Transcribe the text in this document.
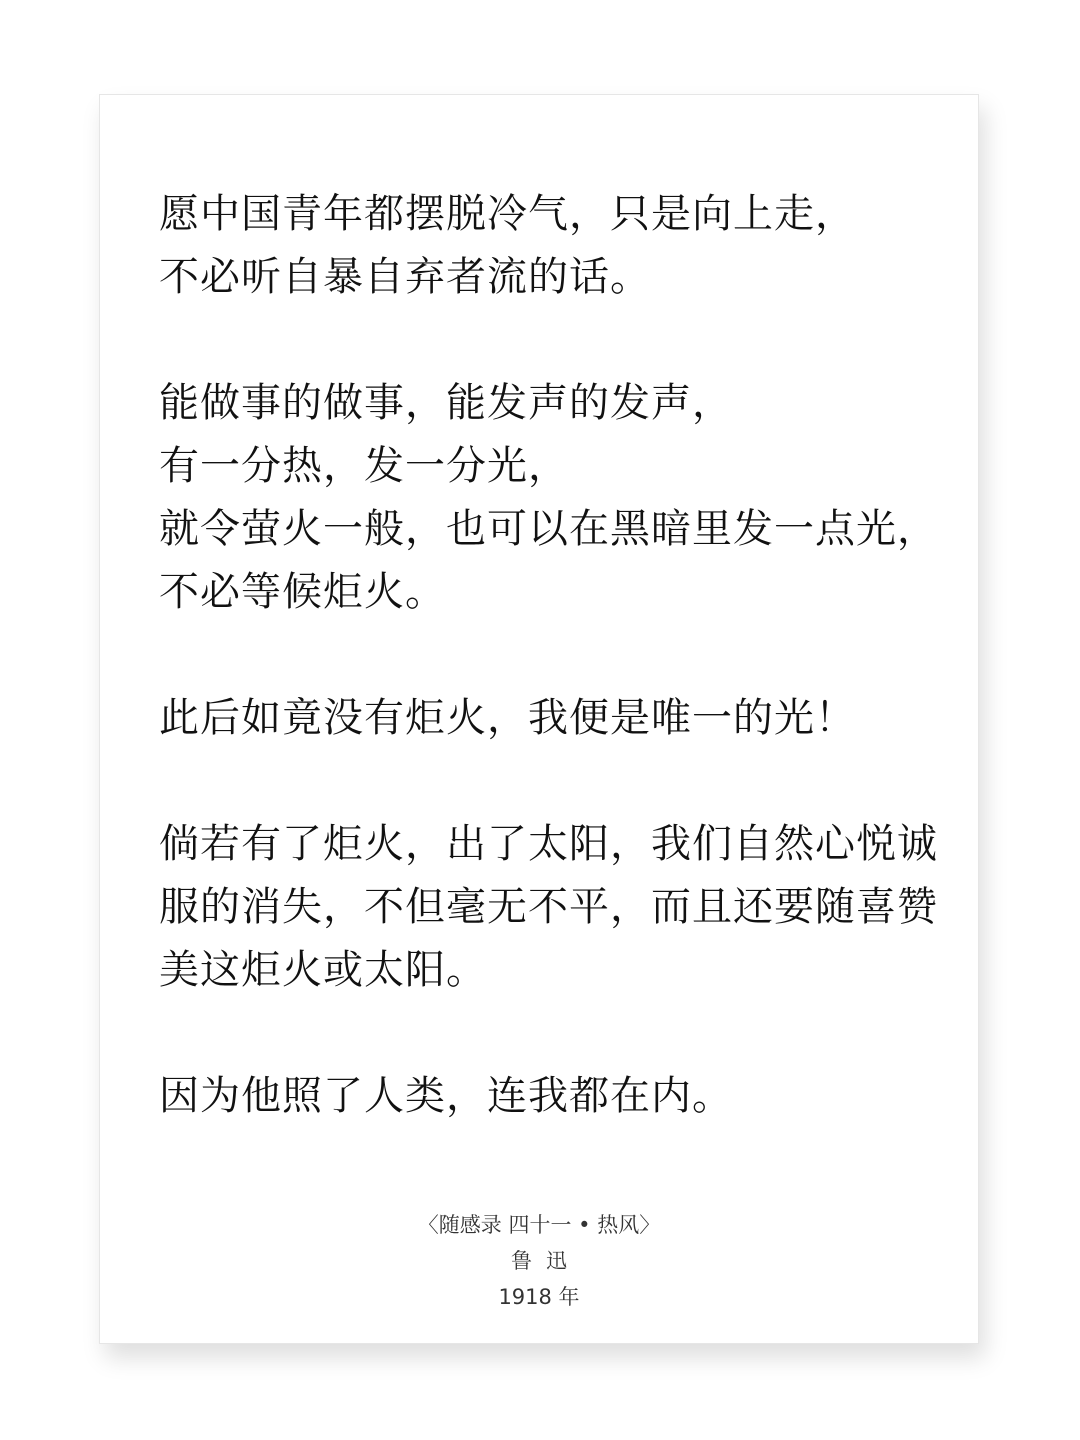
愿中国青年都摆脱冷气，只是向上走，
不必听自暴自弃者流的话。
能做事的做事，能发声的发声，
有一分热，发一分光，
就令萤火一般，也可以在黑暗里发一点光，
不必等候炬火。
此后如竟没有炬火，我便是唯一的光！
倘若有了炬火，出了太阳，我们自然心悦诚
服的消失，不但毫无不平，而且还要随喜赞
美这炬火或太阳。
因为他照了人类，连我都在内。
〈随感录 四十一 • 热风〉
鲁迅
1918 年
